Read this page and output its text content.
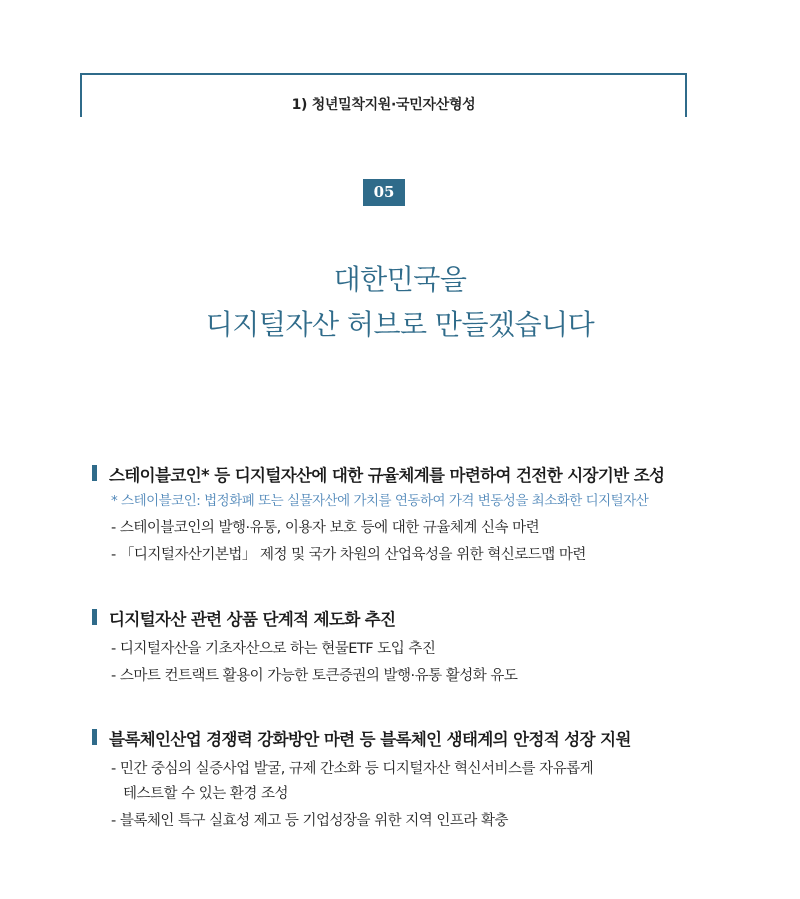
1) 청년밀착지원·국민자산형성
05
대한민국을
디지털자산 허브로 만들겠습니다
스테이블코인* 등 디지털자산에 대한 규율체계를 마련하여 건전한 시장기반 조성
* 스테이블코인: 법정화폐 또는 실물자산에 가치를 연동하여 가격 변동성을 최소화한 디지털자산
- 스테이블코인의 발행·유통, 이용자 보호 등에 대한 규율체계 신속 마련
- 「디지털자산기본법」 제정 및 국가 차원의 산업육성을 위한 혁신로드맵 마련
디지털자산 관련 상품 단계적 제도화 추진
- 디지털자산을 기초자산으로 하는 현물ETF 도입 추진
- 스마트 컨트랙트 활용이 가능한 토큰증권의 발행·유통 활성화 유도
블록체인산업 경쟁력 강화방안 마련 등 블록체인 생태계의 안정적 성장 지원
- 민간 중심의 실증사업 발굴, 규제 간소화 등 디지털자산 혁신서비스를 자유롭게
테스트할 수 있는 환경 조성
- 블록체인 특구 실효성 제고 등 기업성장을 위한 지역 인프라 확충
